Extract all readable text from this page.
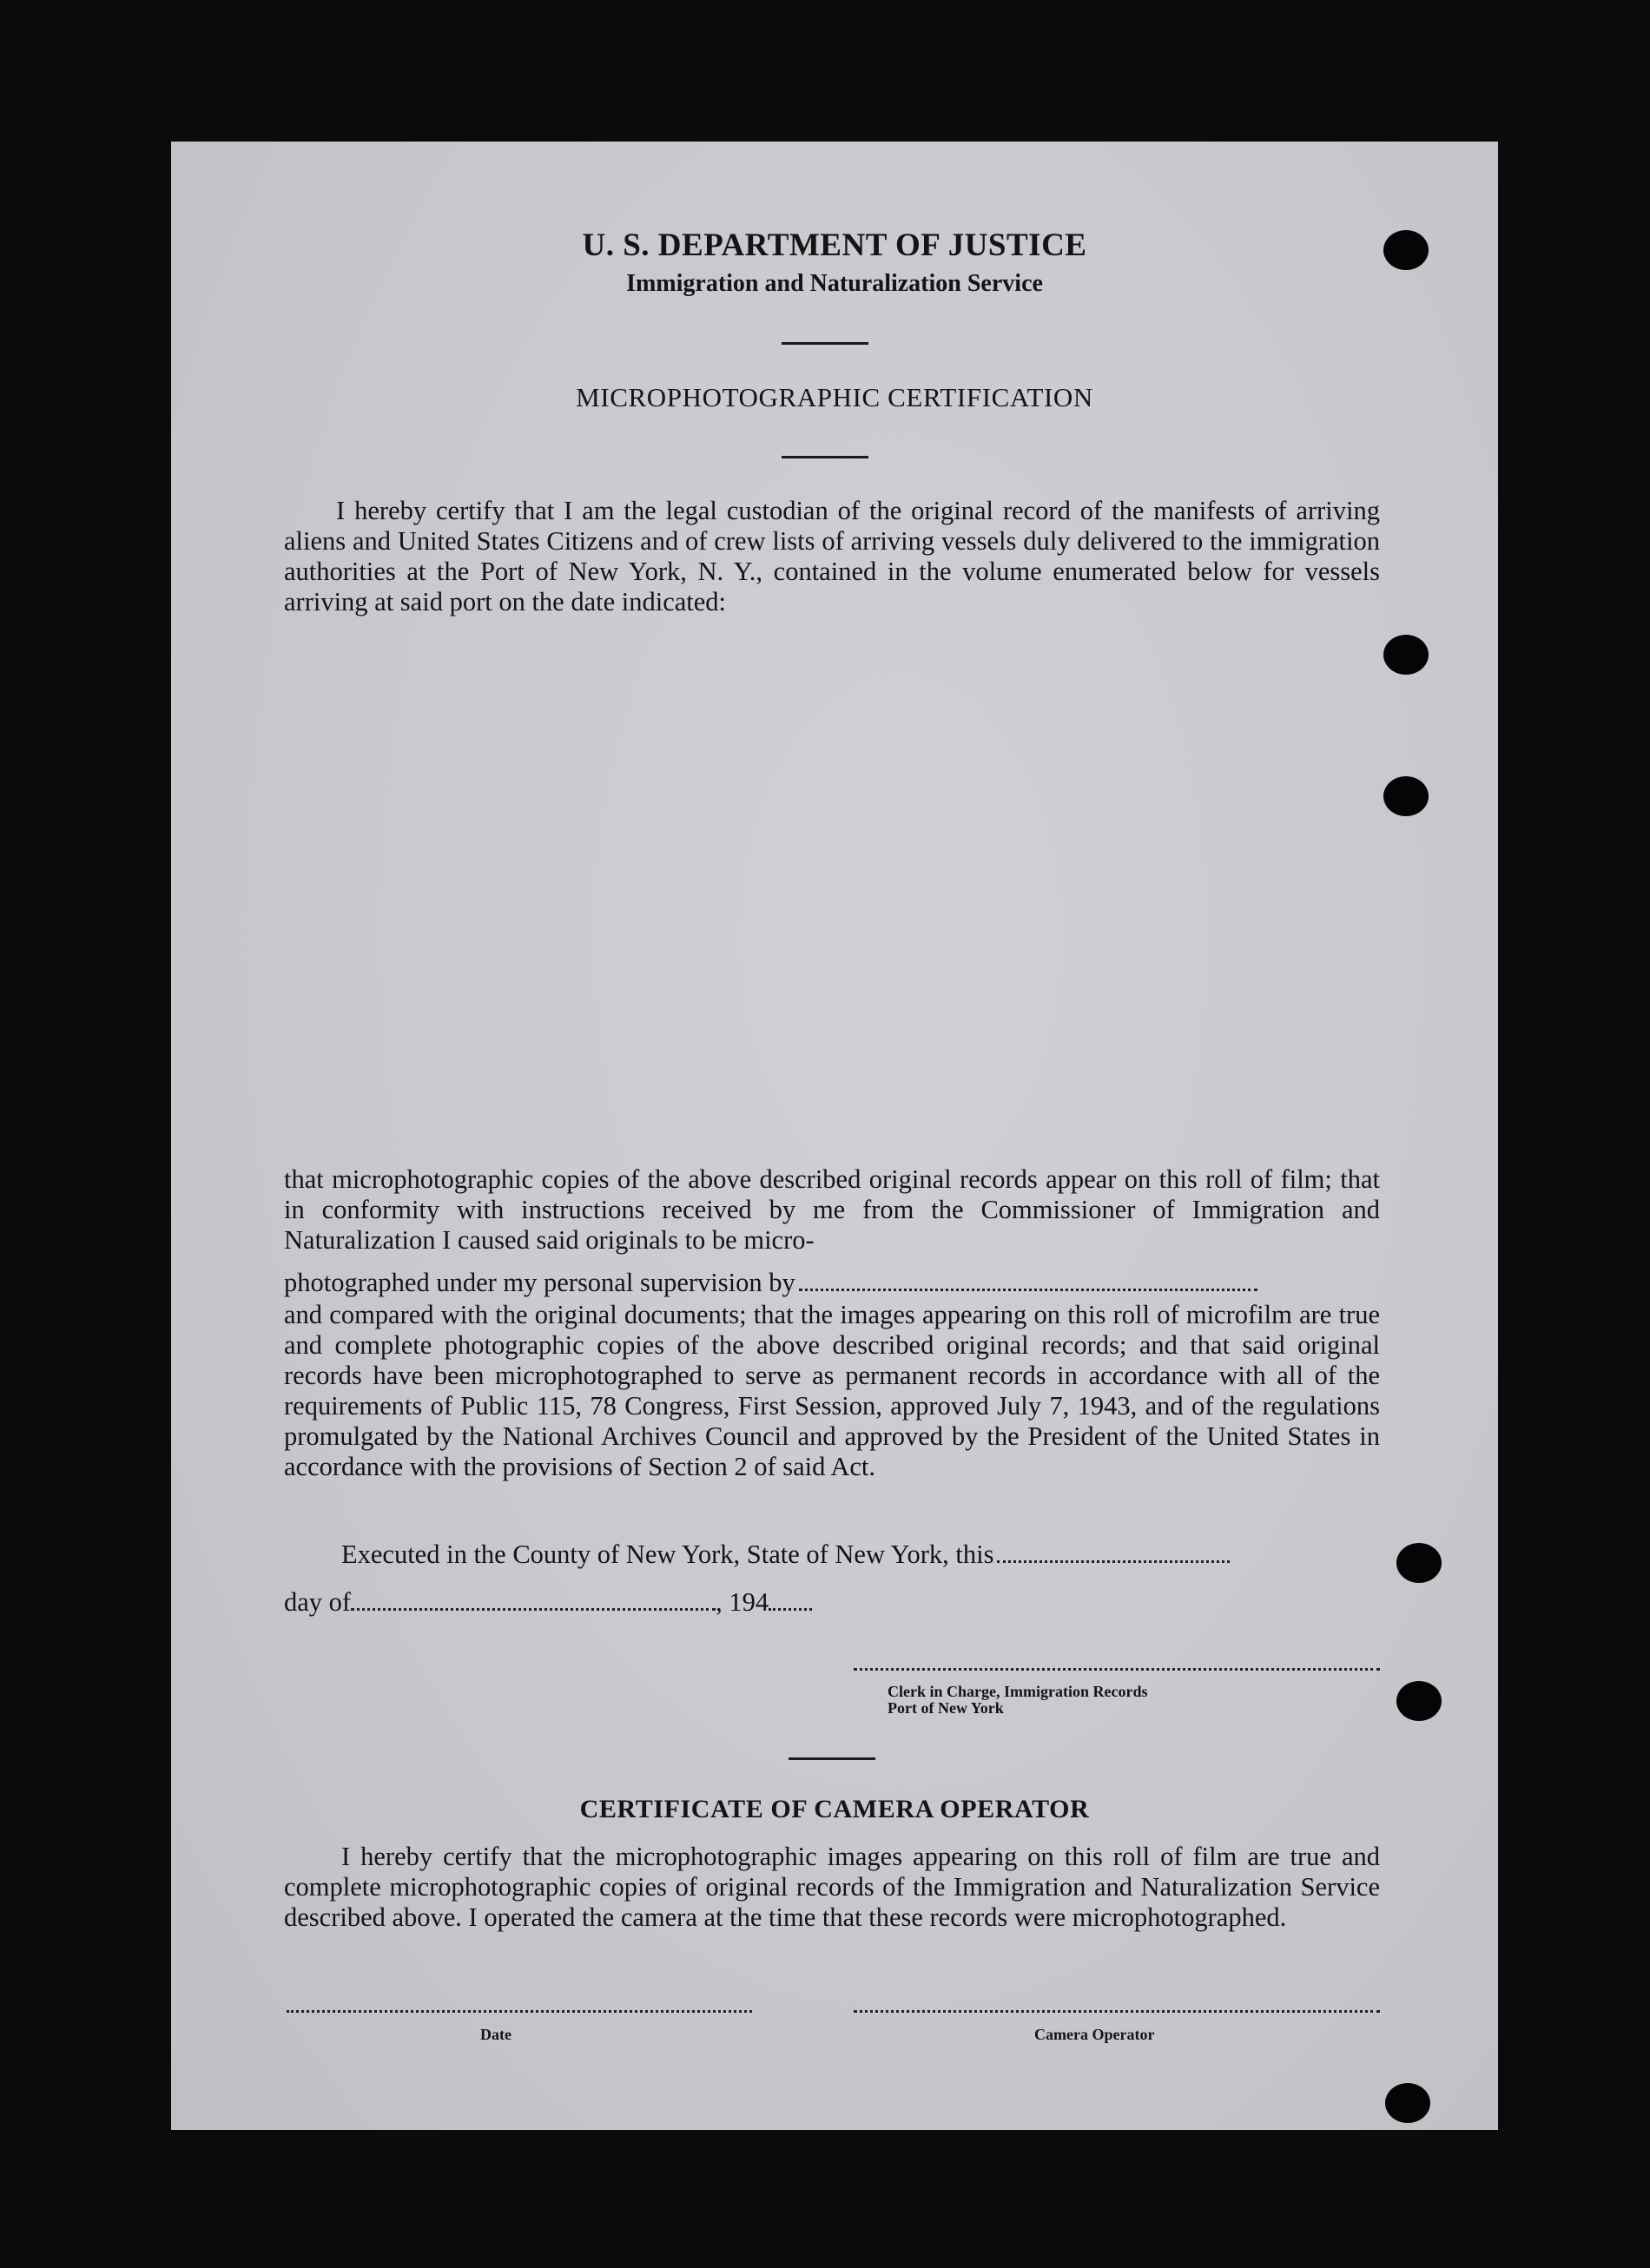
U. S. DEPARTMENT OF JUSTICE
Immigration and Naturalization Service
MICROPHOTOGRAPHIC CERTIFICATION
I hereby certify that I am the legal custodian of the original record of the manifests of arriving aliens and United States Citizens and of crew lists of arriving vessels duly delivered to the immigration authorities at the Port of New York, N. Y., contained in the volume enumerated below for vessels arriving at said port on the date indicated:
that microphotographic copies of the above described original records appear on this roll of film; that in conformity with instructions received by me from the Commissioner of Immigration and Naturalization I caused said originals to be micro-
photographed under my personal supervision by
and compared with the original documents; that the images appearing on this roll of microfilm are true and complete photographic copies of the above described original records; and that said original records have been microphotographed to serve as permanent records in accordance with all of the requirements of Public 115, 78 Congress, First Session, approved July 7, 1943, and of the regulations promulgated by the National Archives Council and approved by the President of the United States in accordance with the provisions of Section 2 of said Act.
Executed in the County of New York, State of New York, this
day of	, 194
Clerk in Charge, Immigration Records
Port of New York
CERTIFICATE OF CAMERA OPERATOR
I hereby certify that the microphotographic images appearing on this roll of film are true and complete microphotographic copies of original records of the Immigration and Naturalization Service described above. I operated the camera at the time that these records were microphotographed.
Date	Camera Operator
